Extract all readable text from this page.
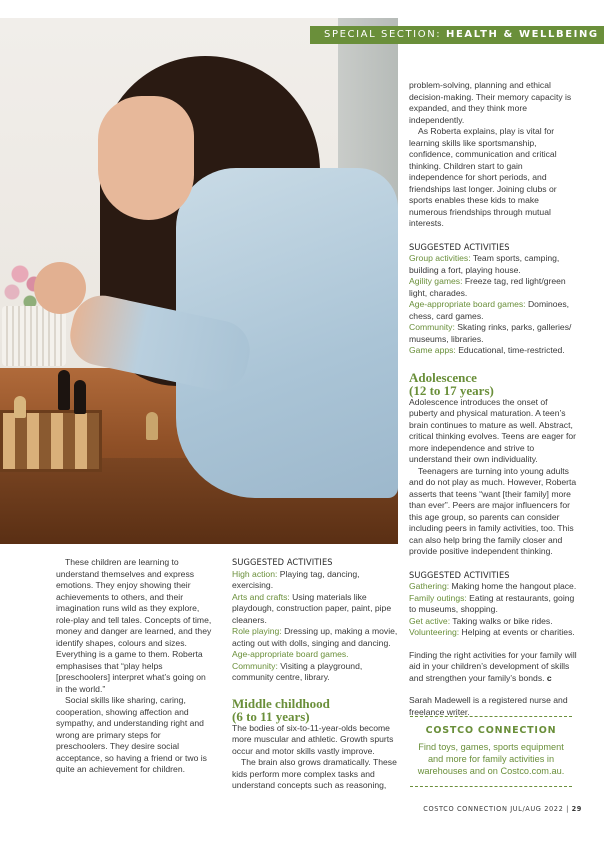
SPECIAL SECTION: HEALTH & WELLBEING

These children are learning to understand themselves and express emotions. They enjoy showing their achievements to others, and their imagination runs wild as they explore, role-play and tell tales. Concepts of time, money and danger are learned, and they identify shapes, colours and sizes. Everything is a game to them. Roberta emphasises that “play helps [preschoolers] interpret what’s going on in the world.”

Social skills like sharing, caring, cooperation, showing affection and sympathy, and understanding right and wrong are primary steps for preschoolers. They desire social acceptance, so having a friend or two is quite an achievement for children.

SUGGESTED ACTIVITIES

High action: Playing tag, dancing, exercising.

Arts and crafts: Using materials like playdough, construction paper, paint, pipe cleaners.

Role playing: Dressing up, making a movie, acting out with dolls, singing and dancing.

Age-appropriate board games.

Community: Visiting a playground, community centre, library.

Middle childhood

(6 to 11 years)

The bodies of six-to-11-year-olds become more muscular and athletic. Growth spurts occur and motor skills vastly improve.

The brain also grows dramatically. These kids perform more complex tasks and understand concepts such as reasoning,

problem-solving, planning and ethical decision-making. Their memory capacity is expanded, and they think more independently.

As Roberta explains, play is vital for learning skills like sportsmanship, confidence, communication and critical thinking. Children start to gain independence for short periods, and friendships last longer. Joining clubs or sports enables these kids to make numerous friendships through mutual interests.

SUGGESTED ACTIVITIES

Group activities: Team sports, camping, building a fort, playing house.

Agility games: Freeze tag, red light/green light, charades.

Age-appropriate board games: Dominoes, chess, card games.

Community: Skating rinks, parks, galleries/ museums, libraries.

Game apps: Educational, time-restricted.

Adolescence

(12 to 17 years)

Adolescence introduces the onset of puberty and physical maturation. A teen’s brain continues to mature as well. Abstract, critical thinking evolves. Teens are eager for more independence and strive to understand their own individuality.

Teenagers are turning into young adults and do not play as much. However, Roberta asserts that teens “want [their family] more than ever”. Peers are major influencers for this age group, so parents can consider including peers in family activities, too. This can also help bring the family closer and provide positive independent thinking.

SUGGESTED ACTIVITIES

Gathering: Making home the hangout place.

Family outings: Eating at restaurants, going to museums, shopping.

Get active: Taking walks or bike rides.

Volunteering: Helping at events or charities.

Finding the right activities for your family will aid in your children’s development of skills and strengthen your family’s bonds. c

Sarah Madewell is a registered nurse and freelance writer.

COSTCO CONNECTION
Find toys, games, sports equipment and more for family activities in warehouses and on Costco.com.au.
COSTCO CONNECTION JUL/AUG 2022 | 29
